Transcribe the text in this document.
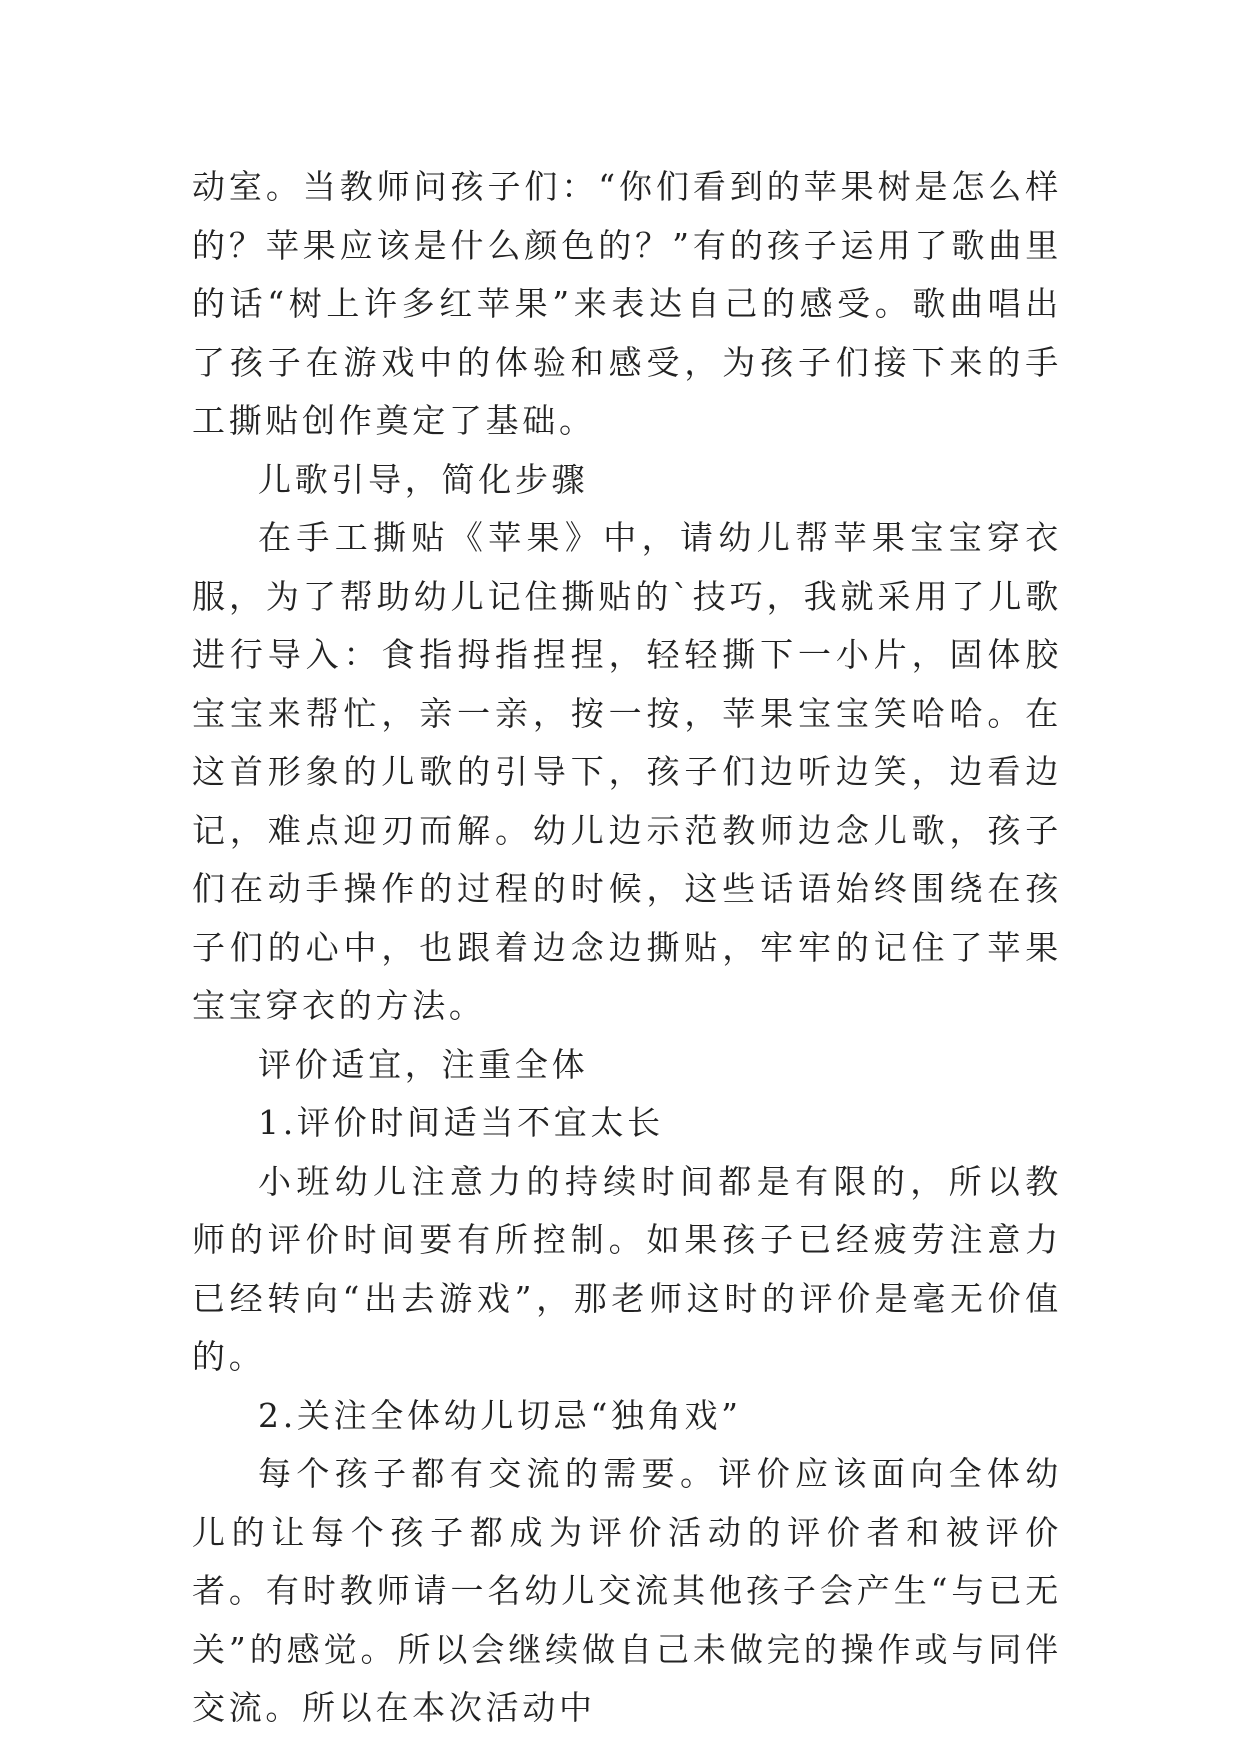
动室。当教师问孩子们：“你们看到的苹果树是怎么样的？苹果应该是什么颜色的？”有的孩子运用了歌曲里的话“树上许多红苹果”来表达自己的感受。歌曲唱出了孩子在游戏中的体验和感受，为孩子们接下来的手工撕贴创作奠定了基础。

儿歌引导，简化步骤

在手工撕贴《苹果》中，请幼儿帮苹果宝宝穿衣服，为了帮助幼儿记住撕贴的`技巧，我就采用了儿歌进行导入：食指拇指捏捏，轻轻撕下一小片，固体胶宝宝来帮忙，亲一亲，按一按，苹果宝宝笑哈哈。在这首形象的儿歌的引导下，孩子们边听边笑，边看边记，难点迎刃而解。幼儿边示范教师边念儿歌，孩子们在动手操作的过程的时候，这些话语始终围绕在孩子们的心中，也跟着边念边撕贴，牢牢的记住了苹果宝宝穿衣的方法。

评价适宜，注重全体

1.评价时间适当不宜太长

小班幼儿注意力的持续时间都是有限的，所以教师的评价时间要有所控制。如果孩子已经疲劳注意力已经转向“出去游戏”，那老师这时的评价是毫无价值的。

2.关注全体幼儿切忌“独角戏”

每个孩子都有交流的需要。评价应该面向全体幼儿的让每个孩子都成为评价活动的评价者和被评价者。有时教师请一名幼儿交流其他孩子会产生“与已无关”的感觉。所以会继续做自己未做完的操作或与同伴交流。所以在本次活动中
